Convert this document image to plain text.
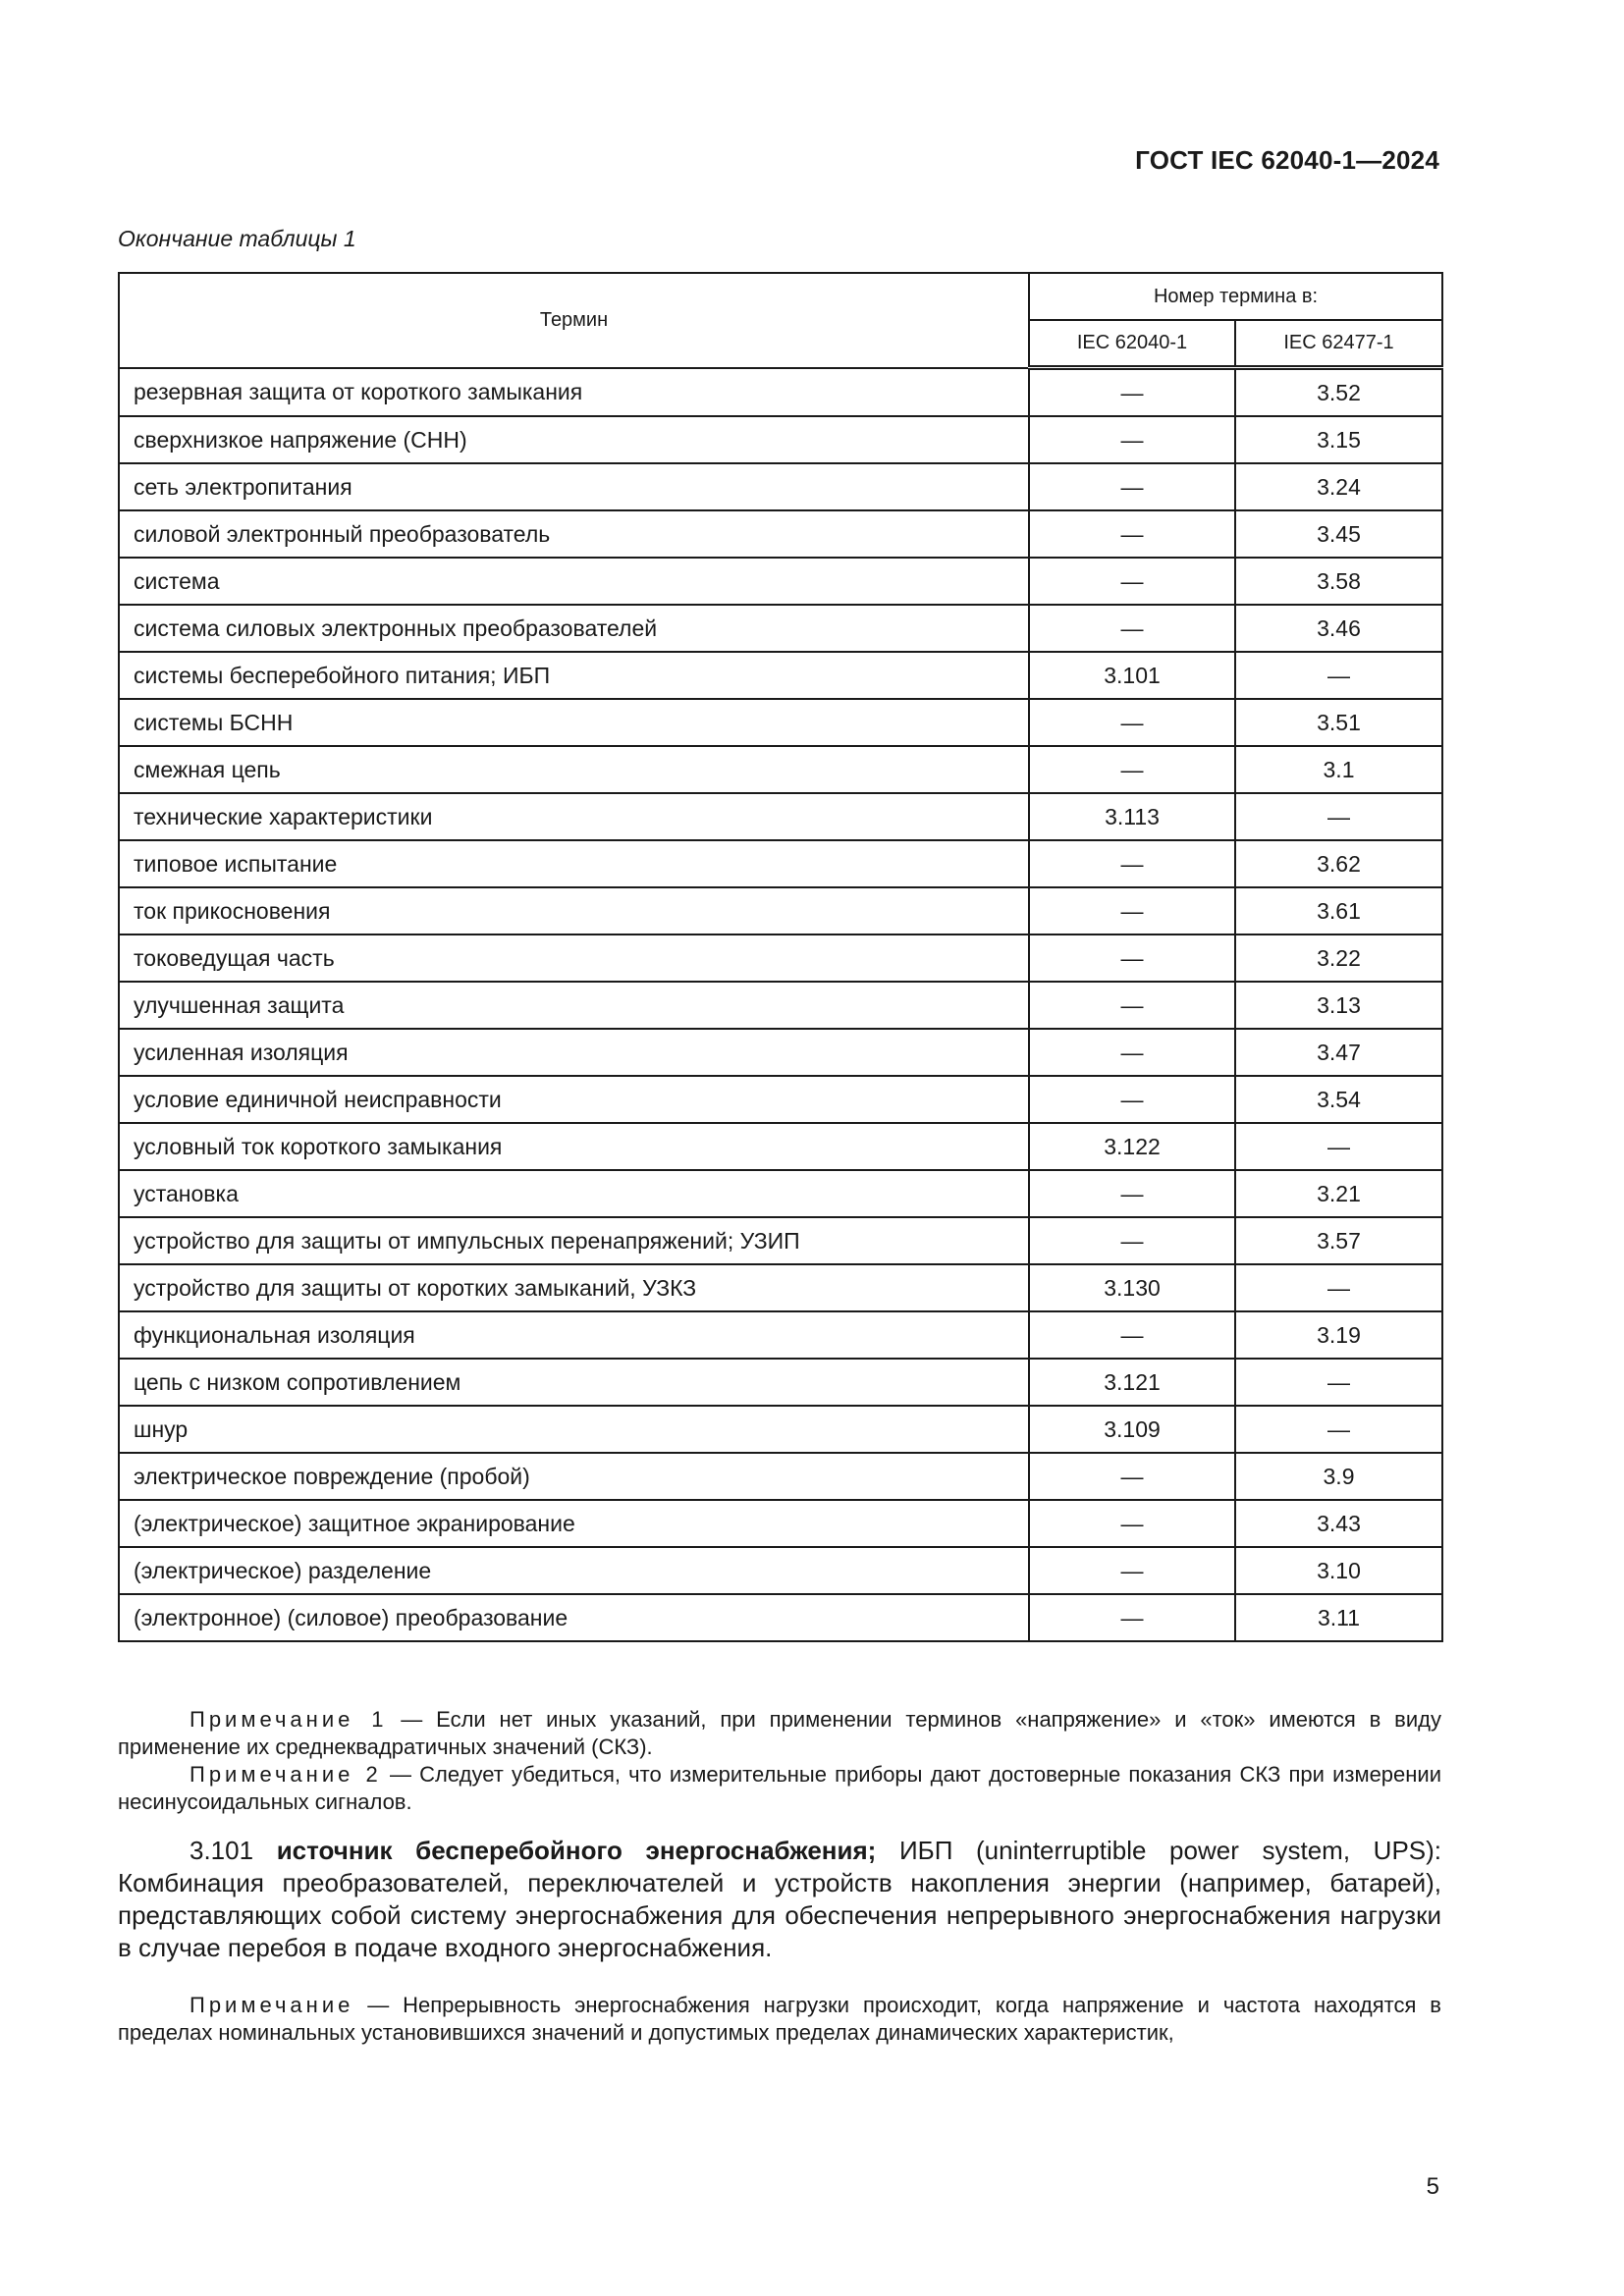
ГОСТ IEC 62040-1—2024
Окончание таблицы 1
Термин	Номер термина в:	
	IEC 62040-1	IEC 62477-1
резервная защита от короткого замыкания	—	3.52
сверхнизкое напряжение (СНН)	—	3.15
сеть электропитания	—	3.24
силовой электронный преобразователь	—	3.45
система	—	3.58
система силовых электронных преобразователей	—	3.46
системы бесперебойного питания; ИБП	3.101	—
системы БСНН	—	3.51
смежная цепь	—	3.1
технические характеристики	3.113	—
типовое испытание	—	3.62
ток прикосновения	—	3.61
токоведущая часть	—	3.22
улучшенная защита	—	3.13
усиленная изоляция	—	3.47
условие единичной неисправности	—	3.54
условный ток короткого замыкания	3.122	—
установка	—	3.21
устройство для защиты от импульсных перенапряжений; УЗИП	—	3.57
устройство для защиты от коротких замыканий, УЗКЗ	3.130	—
функциональная изоляция	—	3.19
цепь с низком сопротивлением	3.121	—
шнур	3.109	—
электрическое повреждение (пробой)	—	3.9
(электрическое) защитное экранирование	—	3.43
(электрическое) разделение	—	3.10
(электронное) (силовое) преобразование	—	3.11

Примечание 1 — Если нет иных указаний, при применении терминов «напряжение» и «ток» имеются в виду применение их среднеквадратичных значений (СКЗ).

Примечание 2 — Следует убедиться, что измерительные приборы дают достоверные показания СКЗ при измерении несинусоидальных сигналов.

3.101 источник бесперебойного энергоснабжения; ИБП (uninterruptible power system, UPS): Комбинация преобразователей, переключателей и устройств накопления энергии (например, батарей), представляющих собой систему энергоснабжения для обеспечения непрерывного энергоснабжения нагрузки в случае перебоя в подаче входного энергоснабжения.

Примечание — Непрерывность энергоснабжения нагрузки происходит, когда напряжение и частота находятся в пределах номинальных установившихся значений и допустимых пределах динамических характеристик,

5
